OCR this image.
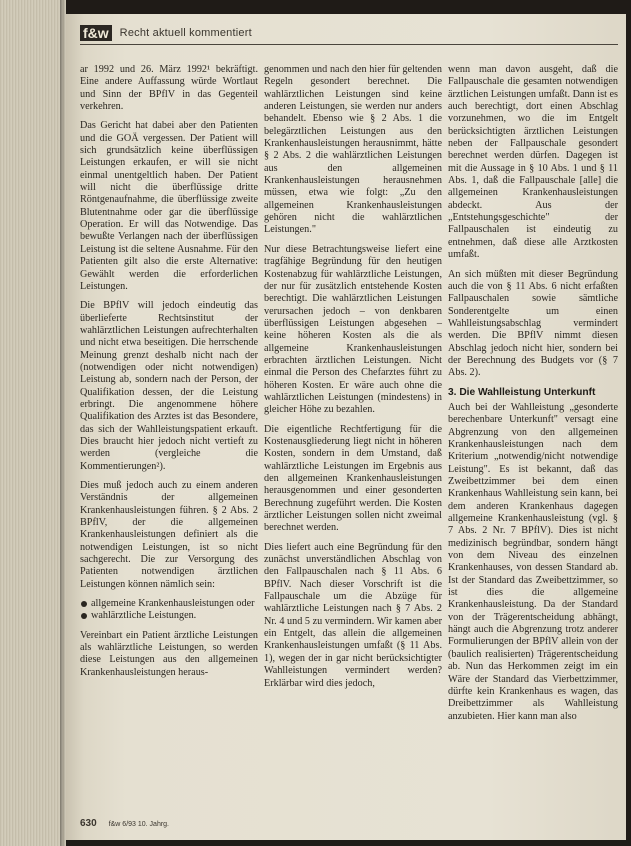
f&w Recht aktuell kommentiert

ar 1992 und 26. März 1992¹ bekräftigt. Eine andere Auffassung würde Wortlaut und Sinn der BPflV in das Gegenteil verkehren.

Das Gericht hat dabei aber den Patienten und die GOÄ vergessen. Der Patient will sich grundsätzlich keine überflüssigen Leistungen erkaufen, er will sie nicht einmal unentgeltlich haben. Der Patient will nicht die überflüssige dritte Röntgenaufnahme, die überflüssige zweite Blutentnahme oder gar die überflüssige Operation. Er will das Notwendige. Das bewußte Verlangen nach der überflüssigen Leistung ist die seltene Ausnahme. Für den Patienten gilt also die erste Alternative: Gewählt werden die erforderlichen Leistungen.

Die BPflV will jedoch eindeutig das überlieferte Rechtsinstitut der wahlärztlichen Leistungen aufrechterhalten und nicht etwa beseitigen. Die herrschende Meinung grenzt deshalb nicht nach der (notwendigen oder nicht notwendigen) Leistung ab, sondern nach der Person, der Qualifikation dessen, der die Leistung erbringt. Die angenommene höhere Qualifikation des Arztes ist das Besondere, das sich der Wahlleistungspatient erkauft. Dies braucht hier jedoch nicht vertieft zu werden (vergleiche die Kommentierungen²).

Dies muß jedoch auch zu einem anderen Verständnis der allgemeinen Krankenhausleistungen führen. § 2 Abs. 2 BPflV, der die allgemeinen Krankenhausleistungen definiert als die notwendigen Leistungen, ist so nicht sachgerecht. Die zur Versorgung des Patienten notwendigen ärztlichen Leistungen können nämlich sein:

allgemeine Krankenhausleistungen oder
wahlärztliche Leistungen.

Vereinbart ein Patient ärztliche Leistungen als wahlärztliche Leistungen, so werden diese Leistungen aus den allgemeinen Krankenhausleistungen heraus-

genommen und nach den hier für geltenden Regeln gesondert berechnet. Die wahlärztlichen Leistungen sind keine anderen Leistungen, sie werden nur anders behandelt. Ebenso wie § 2 Abs. 1 die belegärztlichen Leistungen aus den Krankenhausleistungen herausnimmt, hätte § 2 Abs. 2 die wahlärztlichen Leistungen aus den allgemeinen Krankenhausleistungen herausnehmen müssen, etwa wie folgt: „Zu den allgemeinen Krankenhausleistungen gehören nicht die wahlärztlichen Leistungen."

Nur diese Betrachtungsweise liefert eine tragfähige Begründung für den heutigen Kostenabzug für wahlärztliche Leistungen, der nur für zusätzlich entstehende Kosten berechtigt. Die wahlärztlichen Leistungen verursachen jedoch – von denkbaren überflüssigen Leistungen abgesehen – keine höheren Kosten als die als allgemeine Krankenhausleistungen erbrachten ärztlichen Leistungen. Nicht einmal die Person des Chefarztes führt zu höheren Kosten. Er wäre auch ohne die wahlärztlichen Leistungen (mindestens) in gleicher Höhe zu bezahlen.

Die eigentliche Rechtfertigung für die Kostenausgliederung liegt nicht in höheren Kosten, sondern in dem Umstand, daß wahlärztliche Leistungen im Ergebnis aus den allgemeinen Krankenhausleistungen herausgenommen und einer gesonderten Berechnung zugeführt werden. Die Kosten ärztlicher Leistungen sollen nicht zweimal berechnet werden.

Dies liefert auch eine Begründung für den zunächst unverständlichen Abschlag von den Fallpauschalen nach § 11 Abs. 6 BPflV. Nach dieser Vorschrift ist die Fallpauschale um die Abzüge für wahlärztliche Leistungen nach § 7 Abs. 2 Nr. 4 und 5 zu vermindern. Wir kamen aber ein Entgelt, das allein die allgemeinen Krankenhausleistungen umfaßt (§ 11 Abs. 1), wegen der in gar nicht berücksichtigter Wahlleistungen vermindert werden? Erklärbar wird dies jedoch,

wenn man davon ausgeht, daß die Fallpauschale die gesamten notwendigen ärztlichen Leistungen umfaßt. Dann ist es auch berechtigt, dort einen Abschlag vorzunehmen, wo die im Entgelt berücksichtigten ärztlichen Leistungen neben der Fallpauschale gesondert berechnet werden dürfen. Dagegen ist mit die Aussage in § 10 Abs. 1 und § 11 Abs. 1, daß die Fallpauschale [alle] die allgemeinen Krankenhausleistungen abdeckt. Aus der „Entstehungsgeschichte" der Fallpauschalen ist eindeutig zu entnehmen, daß diese alle Arztkosten umfaßt.

An sich müßten mit dieser Begründung auch die von § 11 Abs. 6 nicht erfaßten Fallpauschalen sowie sämtliche Sonderentgelte um einen Wahlleistungsabschlag vermindert werden. Die BPflV nimmt diesen Abschlag jedoch nicht hier, sondern bei der Berechnung des Budgets vor (§ 7 Abs. 2).

3. Die Wahlleistung Unterkunft

Auch bei der Wahlleistung „gesonderte berechenbare Unterkunft" versagt eine Abgrenzung von den allgemeinen Krankenhausleistungen nach dem Kriterium „notwendig/nicht notwendige Leistung". Es ist bekannt, daß das Zweibettzimmer bei dem einen Krankenhaus Wahlleistung sein kann, bei dem anderen Krankenhaus dagegen allgemeine Krankenhausleistung (vgl. § 7 Abs. 2 Nr. 7 BPflV). Dies ist nicht medizinisch begründbar, sondern hängt von dem Niveau des einzelnen Krankenhauses, von dessen Standard ab. Ist der Standard das Zweibettzimmer, so ist dies die allgemeine Krankenhausleistung. Da der Standard von der Trägerentscheidung abhängt, hängt auch die Abgrenzung trotz anderer Formulierungen der BPflV allein von der (baulich realisierten) Trägerentscheidung ab. Nun das Herkommen zeigt im ein Wäre der Standard das Vierbettzimmer, dürfte kein Krankenhaus es wagen, das Dreibettzimmer als Wahlleistung anzubieten. Hier kann man also

630 f&w 6/93 10. Jahrg.
